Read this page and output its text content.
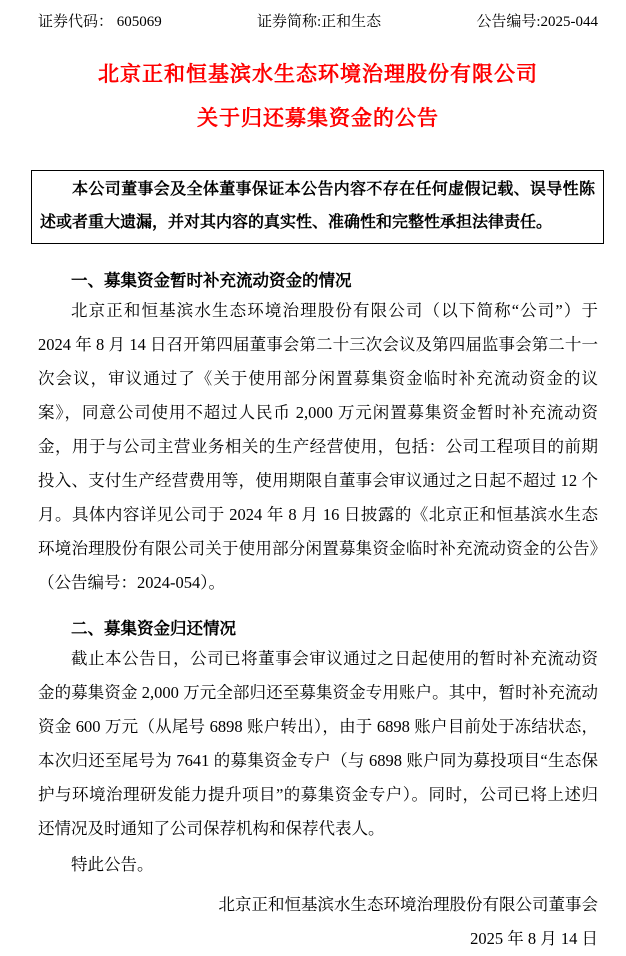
证券代码： 605069	证券简称:正和生态	公告编号:2025-044
北京正和恒基滨水生态环境治理股份有限公司
关于归还募集资金的公告

本公司董事会及全体董事保证本公告内容不存在任何虚假记载、误导性陈述或者重大遗漏，并对其内容的真实性、准确性和完整性承担法律责任。

一、募集资金暂时补充流动资金的情况

北京正和恒基滨水生态环境治理股份有限公司（以下简称“公司”）于 2024 年 8 月 14 日召开第四届董事会第二十三次会议及第四届监事会第二十一次会议，审议通过了《关于使用部分闲置募集资金临时补充流动资金的议案》，同意公司使用不超过人民币 2,000 万元闲置募集资金暂时补充流动资金，用于与公司主营业务相关的生产经营使用，包括：公司工程项目的前期投入、支付生产经营费用等，使用期限自董事会审议通过之日起不超过 12 个月。具体内容详见公司于 2024 年 8 月 16 日披露的《北京正和恒基滨水生态环境治理股份有限公司关于使用部分闲置募集资金临时补充流动资金的公告》（公告编号：2024-054）。

二、募集资金归还情况

截止本公告日，公司已将董事会审议通过之日起使用的暂时补充流动资金的募集资金 2,000 万元全部归还至募集资金专用账户。其中，暂时补充流动资金 600 万元（从尾号 6898 账户转出），由于 6898 账户目前处于冻结状态，本次归还至尾号为 7641 的募集资金专户（与 6898 账户同为募投项目“生态保护与环境治理研发能力提升项目”的募集资金专户）。同时，公司已将上述归还情况及时通知了公司保荐机构和保荐代表人。

特此公告。

北京正和恒基滨水生态环境治理股份有限公司董事会
2025 年 8 月 14 日
